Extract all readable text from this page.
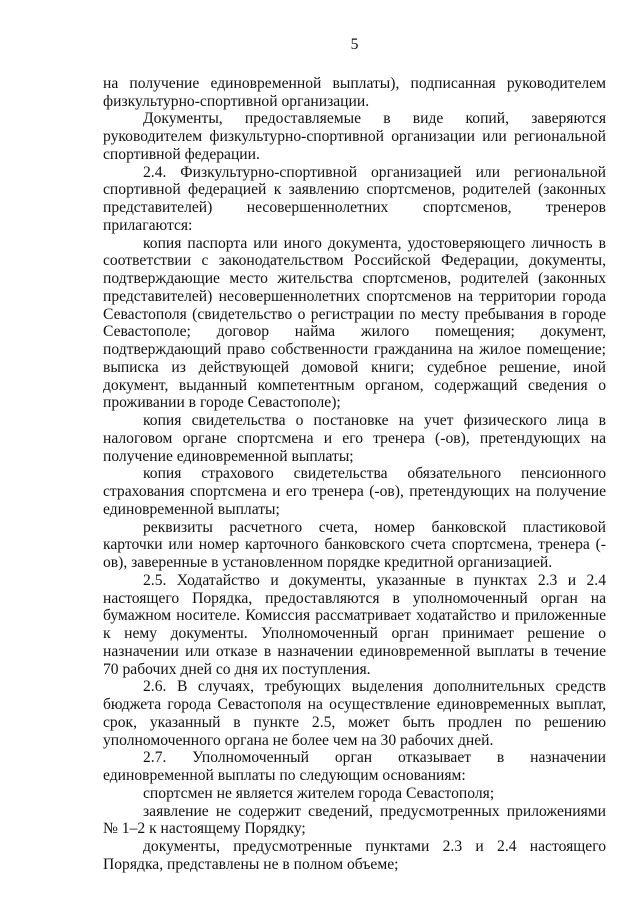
5

на получение единовременной выплаты), подписанная руководителем физкультурно-спортивной организации.

Документы, предоставляемые в виде копий, заверяются руководителем физкультурно-спортивной организации или региональной спортивной федерации.

2.4. Физкультурно-спортивной организацией или региональной спортивной федерацией к заявлению спортсменов, родителей (законных представителей) несовершеннолетних спортсменов, тренеров прилагаются:

копия паспорта или иного документа, удостоверяющего личность в соответствии с законодательством Российской Федерации, документы, подтверждающие место жительства спортсменов, родителей (законных представителей) несовершеннолетних спортсменов на территории города Севастополя (свидетельство о регистрации по месту пребывания в городе Севастополе; договор найма жилого помещения; документ, подтверждающий право собственности гражданина на жилое помещение; выписка из действующей домовой книги; судебное решение, иной документ, выданный компетентным органом, содержащий сведения о проживании в городе Севастополе);

копия свидетельства о постановке на учет физического лица в налоговом органе спортсмена и его тренера (-ов), претендующих на получение единовременной выплаты;

копия страхового свидетельства обязательного пенсионного страхования спортсмена и его тренера (-ов), претендующих на получение единовременной выплаты;

реквизиты расчетного счета, номер банковской пластиковой карточки или номер карточного банковского счета спортсмена, тренера (-ов), заверенные в установленном порядке кредитной организацией.

2.5. Ходатайство и документы, указанные в пунктах 2.3 и 2.4 настоящего Порядка, предоставляются в уполномоченный орган на бумажном носителе. Комиссия рассматривает ходатайство и приложенные к нему документы. Уполномоченный орган принимает решение о назначении или отказе в назначении единовременной выплаты в течение 70 рабочих дней со дня их поступления.

2.6. В случаях, требующих выделения дополнительных средств бюджета города Севастополя на осуществление единовременных выплат, срок, указанный в пункте 2.5, может быть продлен по решению уполномоченного органа не более чем на 30 рабочих дней.

2.7. Уполномоченный орган отказывает в назначении единовременной выплаты по следующим основаниям:

спортсмен не является жителем города Севастополя;

заявление не содержит сведений, предусмотренных приложениями № 1–2 к настоящему Порядку;

документы, предусмотренные пунктами 2.3 и 2.4 настоящего Порядка, представлены не в полном объеме;
